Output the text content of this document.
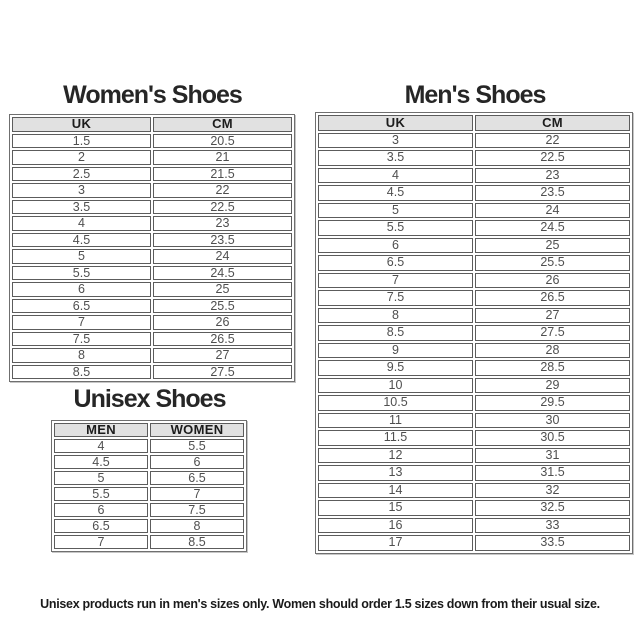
Women's Shoes	Men's Shoes
UK	CM
1.5	20.5
2	21
2.5	21.5
3	22
3.5	22.5
4	23
4.5	23.5
5	24
5.5	24.5
6	25
6.5	25.5
7	26
7.5	26.5
8	27
8.5	27.5
UK	CM
3	22
3.5	22.5
4	23
4.5	23.5
5	24
5.5	24.5
6	25
6.5	25.5
7	26
7.5	26.5
8	27
8.5	27.5
9	28
9.5	28.5
10	29
10.5	29.5
11	30
11.5	30.5
12	31
13	31.5
14	32
15	32.5
16	33
17	33.5
Unisex Shoes
MEN	WOMEN
4	5.5
4.5	6
5	6.5
5.5	7
6	7.5
6.5	8
7	8.5

Unisex products run in men's sizes only. Women should order 1.5 sizes down from their usual size.
